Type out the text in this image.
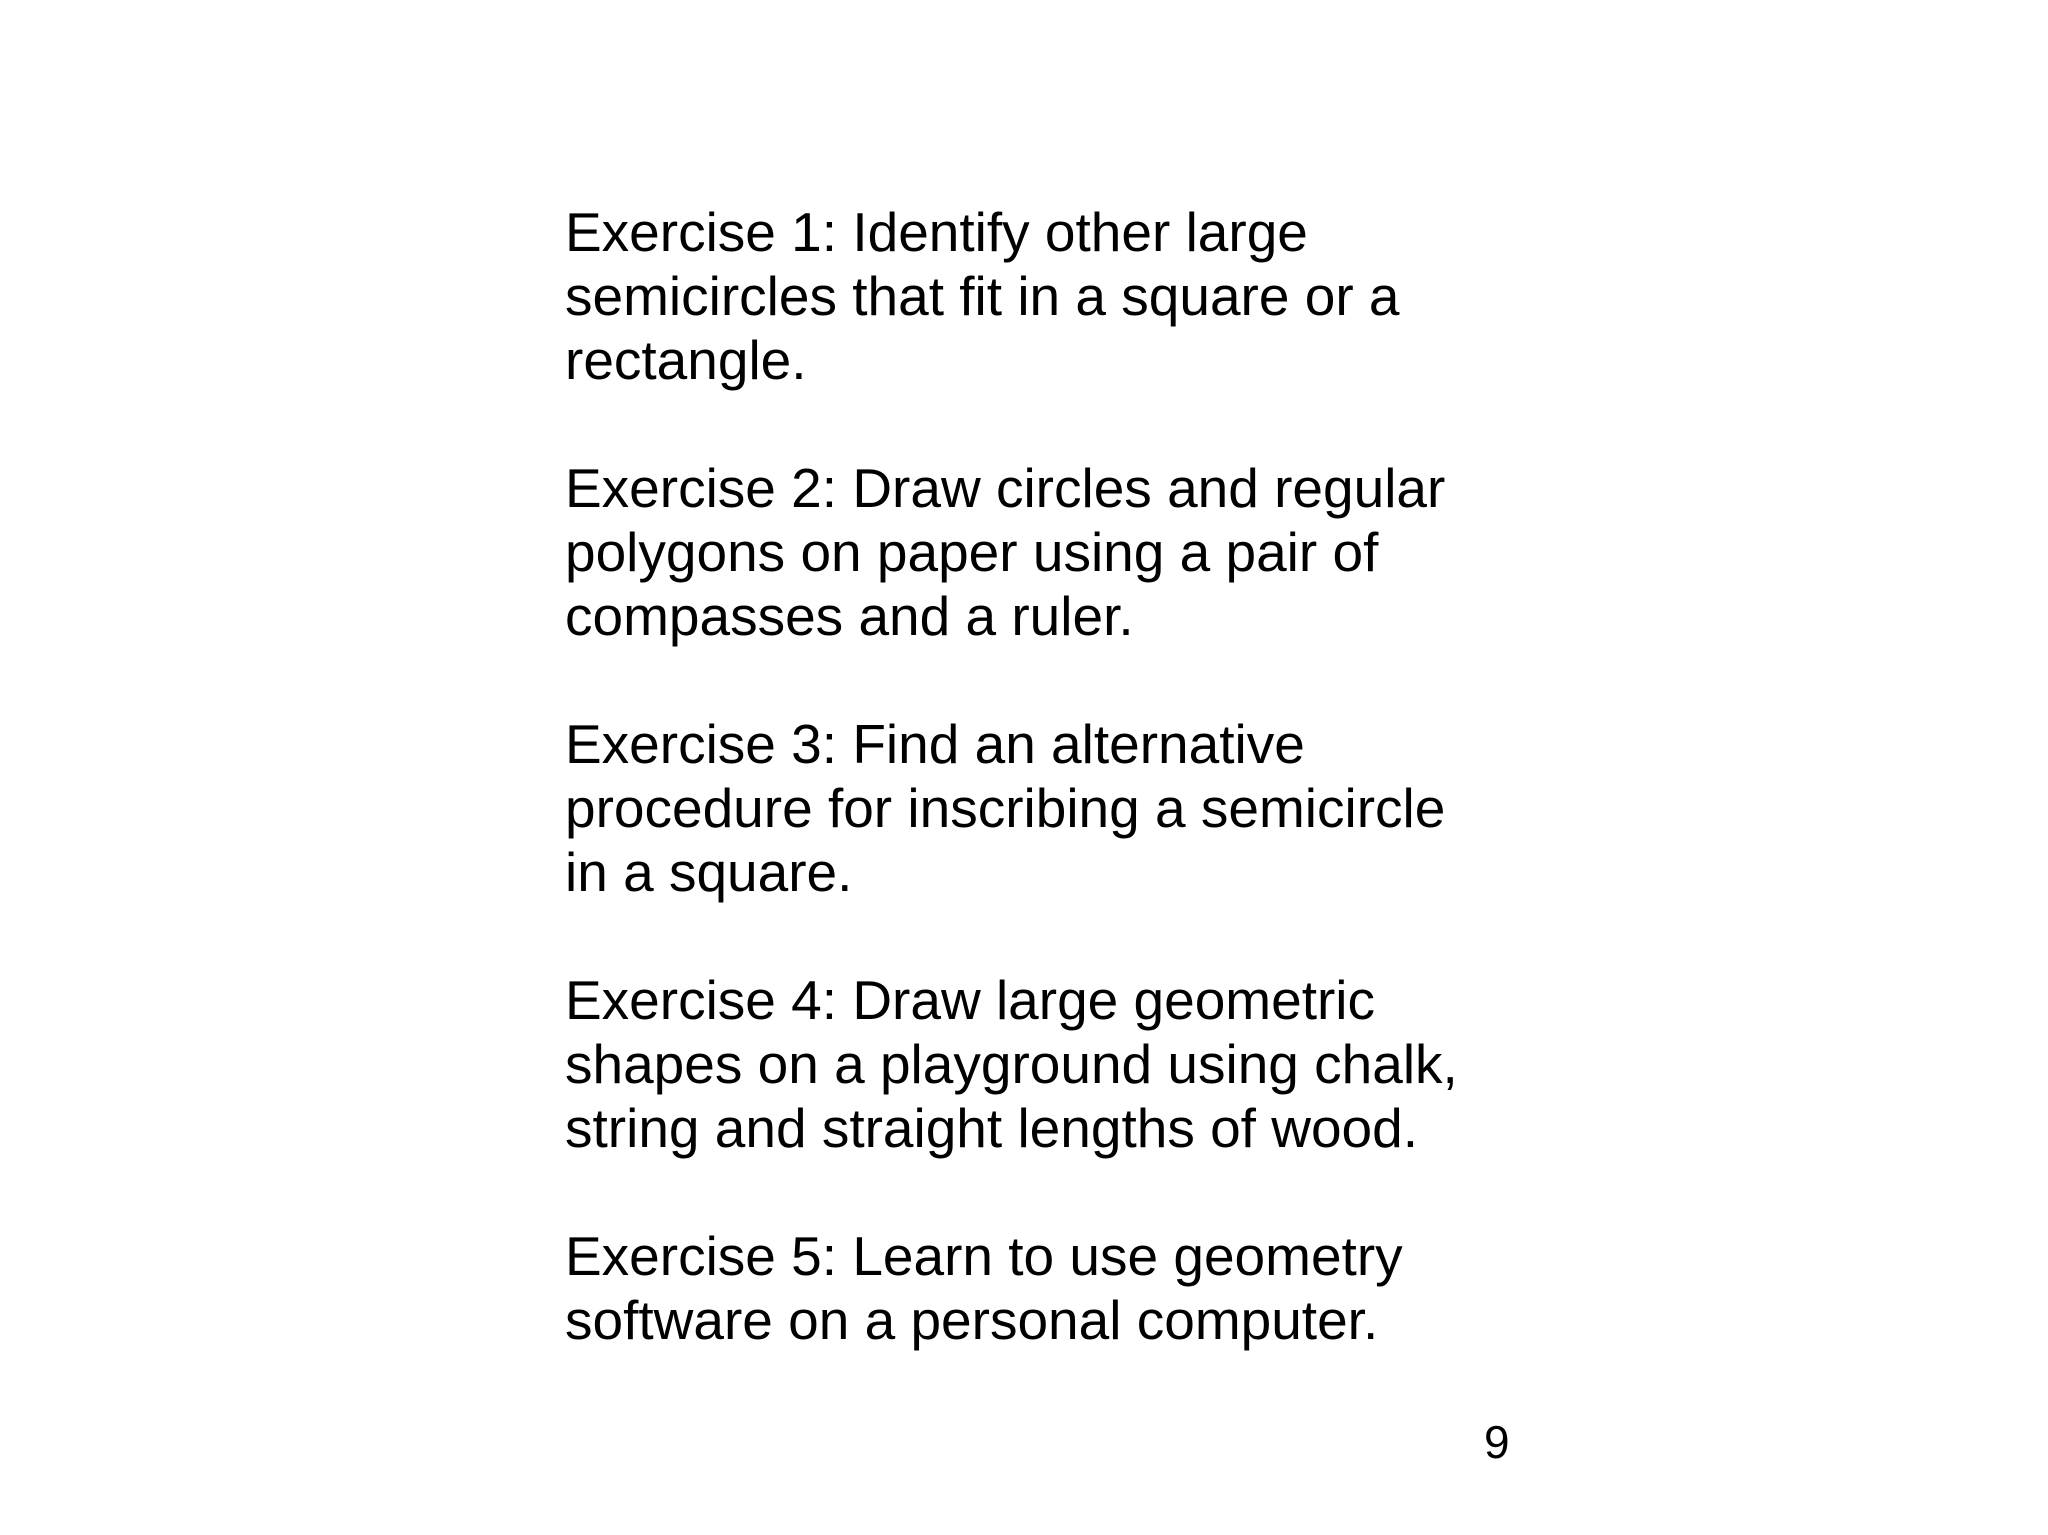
Exercise 1: Identify other large
semicircles that fit in a square or a
rectangle.
Exercise 2: Draw circles and regular
polygons on paper using a pair of
compasses and a ruler.
Exercise 3: Find an alternative
procedure for inscribing a semicircle
in a square.
Exercise 4: Draw large geometric
shapes on a playground using chalk,
string and straight lengths of wood.
Exercise 5: Learn to use geometry
software on a personal computer.
9
